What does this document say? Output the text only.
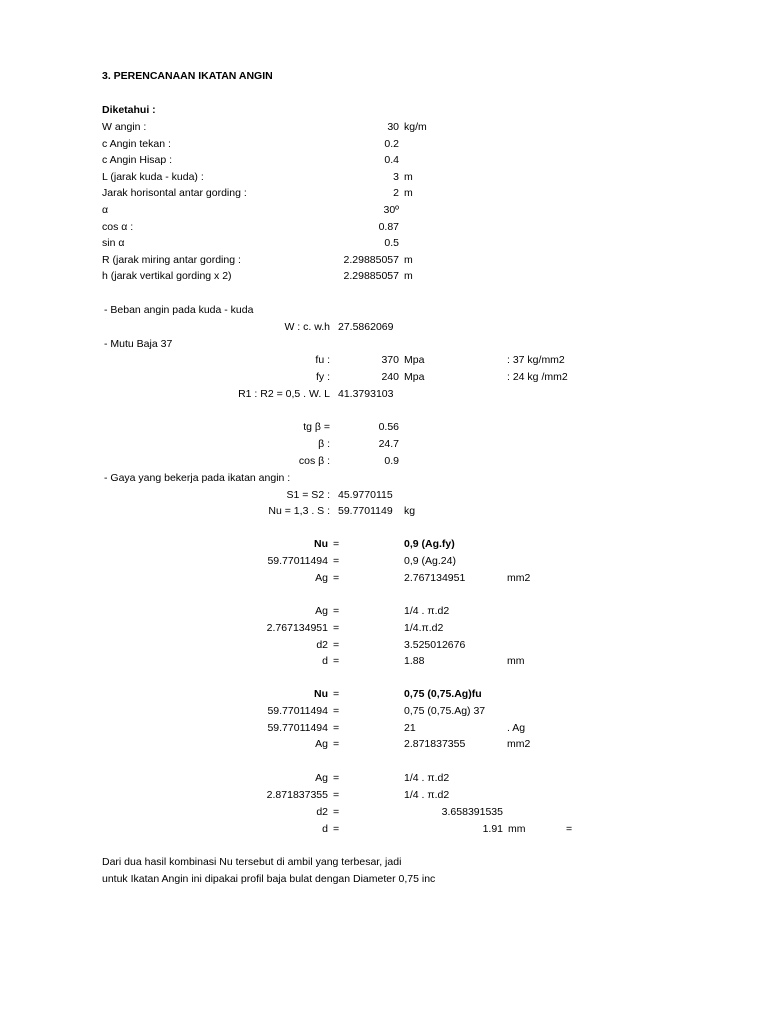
3. PERENCANAAN IKATAN ANGIN
Diketahui :
W angin :	30 kg/m
c Angin tekan :	0.2
c Angin Hisap :	0.4
L (jarak kuda - kuda) :	3 m
Jarak horisontal antar gording :	2 m
α	30º
cos α :	0.87
sin α	0.5
R (jarak miring antar gording :	2.29885057 m
h (jarak vertikal gording x 2)	2.29885057 m
- Beban angin pada kuda - kuda
W : c. w.h 27.5862069
- Mutu Baja 37
fu :	370 Mpa	: 37 kg/mm2
fy :	240 Mpa	: 24 kg /mm2
R1 : R2 = 0,5 . W. L 41.3793103
tg β =	0.56
β :	24.7
cos β :	0.9
- Gaya yang bekerja pada ikatan angin :
S1 = S2 : 45.9770115
Nu = 1,3 . S : 59.7701149 kg
Nu =	0,9 (Ag.fy)
59.77011494 =	0,9 (Ag.24)
Ag =	2.767134951	mm2
Ag =	1/4 . π.d2
2.767134951 =	1/4.π.d2
d2 =	3.525012676
d =	1.88	mm
Nu =	0,75 (0,75.Ag)fu
59.77011494 =	0,75 (0,75.Ag) 37
59.77011494 =	21	. Ag
Ag =	2.871837355	mm2
Ag =	1/4 . π.d2
2.871837355 =	1/4 . π.d2
d2 =	3.658391535
d =	1.91 mm	=
Dari dua hasil kombinasi Nu tersebut di ambil yang terbesar, jadi
untuk Ikatan Angin ini dipakai profil baja bulat dengan Diameter 0,75 inc
